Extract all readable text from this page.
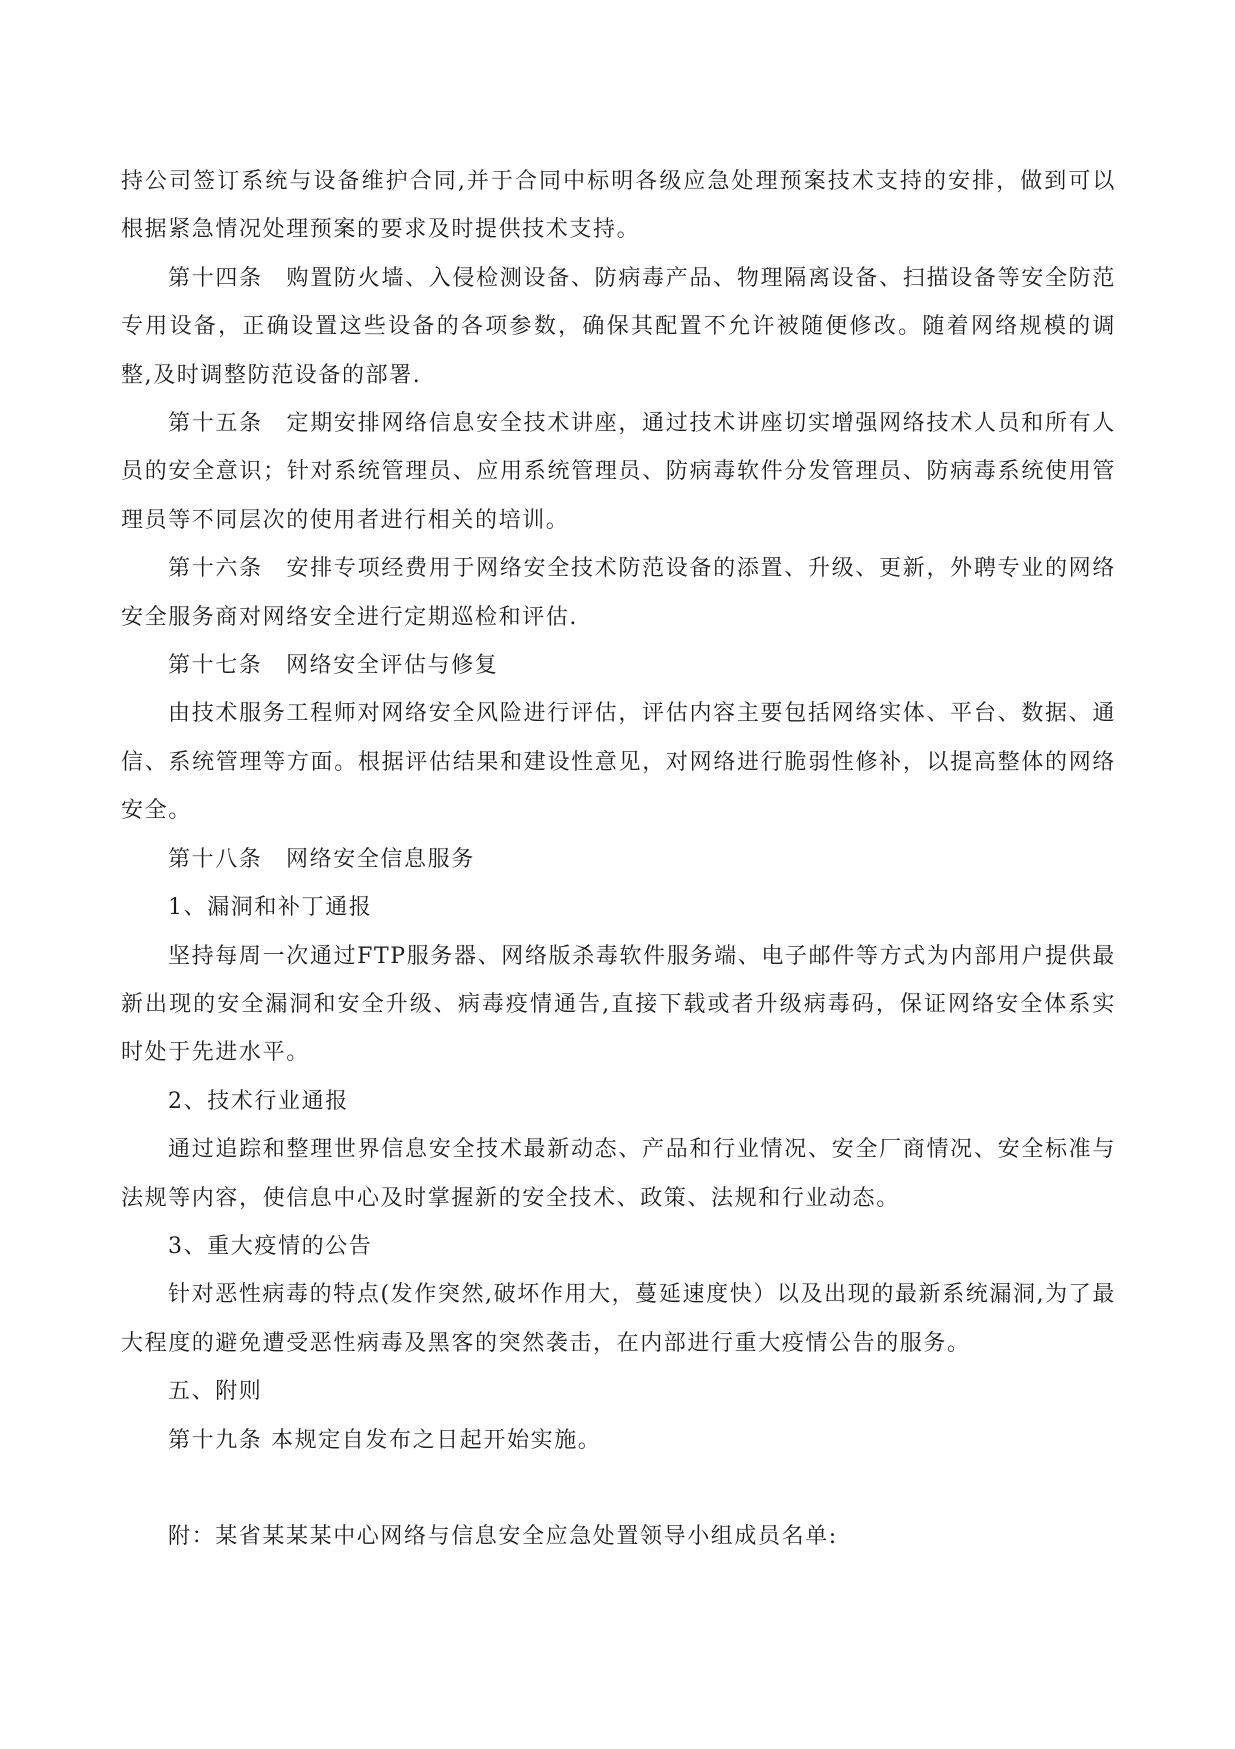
持公司签订系统与设备维护合同,并于合同中标明各级应急处理预案技术支持的安排，做到可以根据紧急情况处理预案的要求及时提供技术支持。

第十四条　购置防火墙、入侵检测设备、防病毒产品、物理隔离设备、扫描设备等安全防范专用设备，正确设置这些设备的各项参数，确保其配置不允许被随便修改。随着网络规模的调整,及时调整防范设备的部署.

第十五条　定期安排网络信息安全技术讲座，通过技术讲座切实增强网络技术人员和所有人员的安全意识；针对系统管理员、应用系统管理员、防病毒软件分发管理员、防病毒系统使用管理员等不同层次的使用者进行相关的培训。

第十六条　安排专项经费用于网络安全技术防范设备的添置、升级、更新，外聘专业的网络安全服务商对网络安全进行定期巡检和评估.

第十七条　网络安全评估与修复

由技术服务工程师对网络安全风险进行评估，评估内容主要包括网络实体、平台、数据、通信、系统管理等方面。根据评估结果和建设性意见，对网络进行脆弱性修补，以提高整体的网络安全。

第十八条　网络安全信息服务

1、漏洞和补丁通报

坚持每周一次通过FTP服务器、网络版杀毒软件服务端、电子邮件等方式为内部用户提供最新出现的安全漏洞和安全升级、病毒疫情通告,直接下载或者升级病毒码，保证网络安全体系实时处于先进水平。

2、技术行业通报

通过追踪和整理世界信息安全技术最新动态、产品和行业情况、安全厂商情况、安全标准与法规等内容，使信息中心及时掌握新的安全技术、政策、法规和行业动态。

3、重大疫情的公告

针对恶性病毒的特点(发作突然,破坏作用大，蔓延速度快）以及出现的最新系统漏洞,为了最大程度的避免遭受恶性病毒及黑客的突然袭击，在内部进行重大疫情公告的服务。

五、附则

第十九条 本规定自发布之日起开始实施。

附：某省某某某中心网络与信息安全应急处置领导小组成员名单:
